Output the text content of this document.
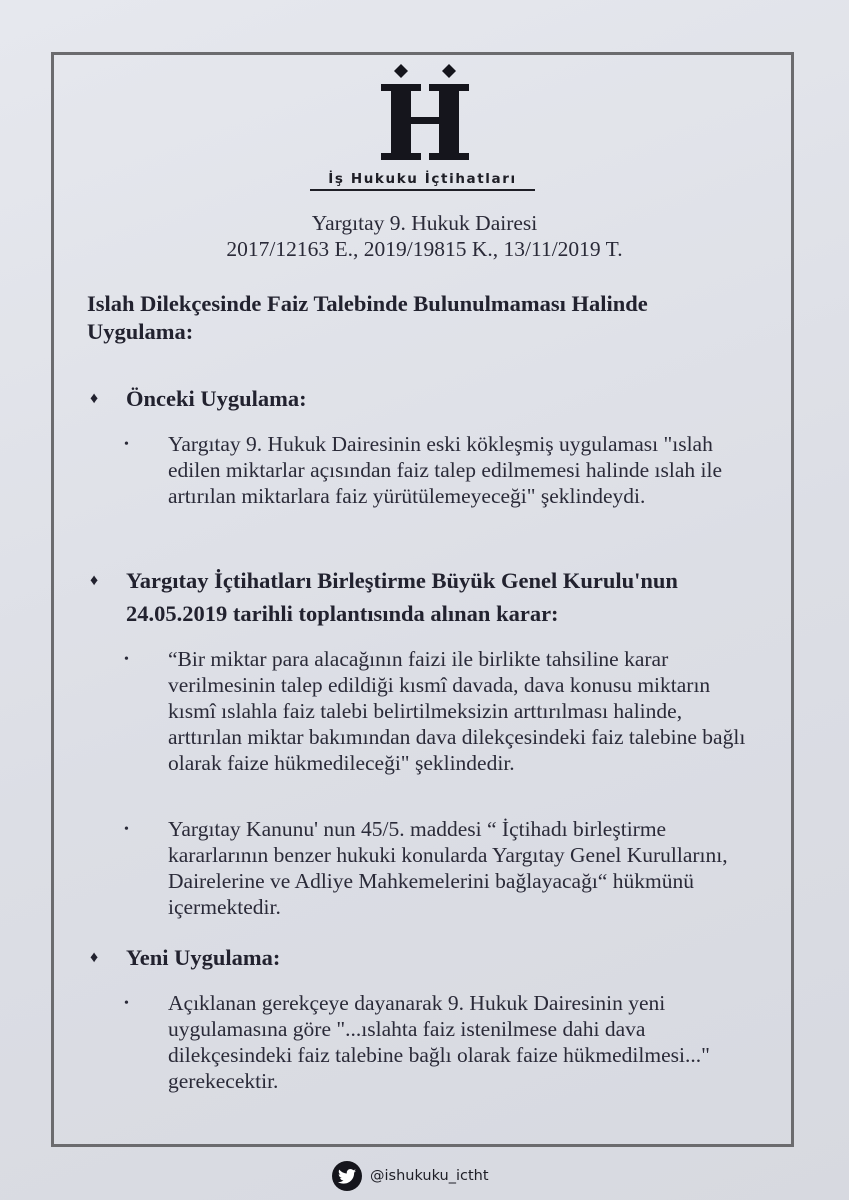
İş Hukuku İçtihatları
Yargıtay 9. Hukuk Dairesi
2017/12163 E., 2019/19815 K., 13/11/2019 T.
Islah Dilekçesinde Faiz Talebinde Bulunulmaması Halinde Uygulama:
♦	Önceki Uygulama:
• Yargıtay 9. Hukuk Dairesinin eski kökleşmiş uygulaması "ıslah edilen miktarlar açısından faiz talep edilmemesi halinde ıslah ile artırılan miktarlara faiz yürütülemeyeceği" şeklindeydi.
♦	Yargıtay İçtihatları Birleştirme Büyük Genel Kurulu'nun 24.05.2019 tarihli toplantısında alınan karar:
• “Bir miktar para alacağının faizi ile birlikte tahsiline karar verilmesinin talep edildiği kısmî davada, dava konusu miktarın kısmî ıslahla faiz talebi belirtilmeksizin arttırılması halinde, arttırılan miktar bakımından dava dilekçesindeki faiz talebine bağlı olarak faize hükmedileceği" şeklindedir.
• Yargıtay Kanunu' nun 45/5. maddesi “ İçtihadı birleştirme kararlarının benzer hukuki konularda Yargıtay Genel Kurullarını, Dairelerine ve Adliye Mahkemelerini bağlayacağı“ hükmünü içermektedir.
♦	Yeni Uygulama:
• Açıklanan gerekçeye dayanarak 9. Hukuk Dairesinin yeni uygulamasına göre "...ıslahta faiz istenilmese dahi dava dilekçesindeki faiz talebine bağlı olarak faize hükmedilmesi..." gerekecektir.
@ishukuku_ictht
